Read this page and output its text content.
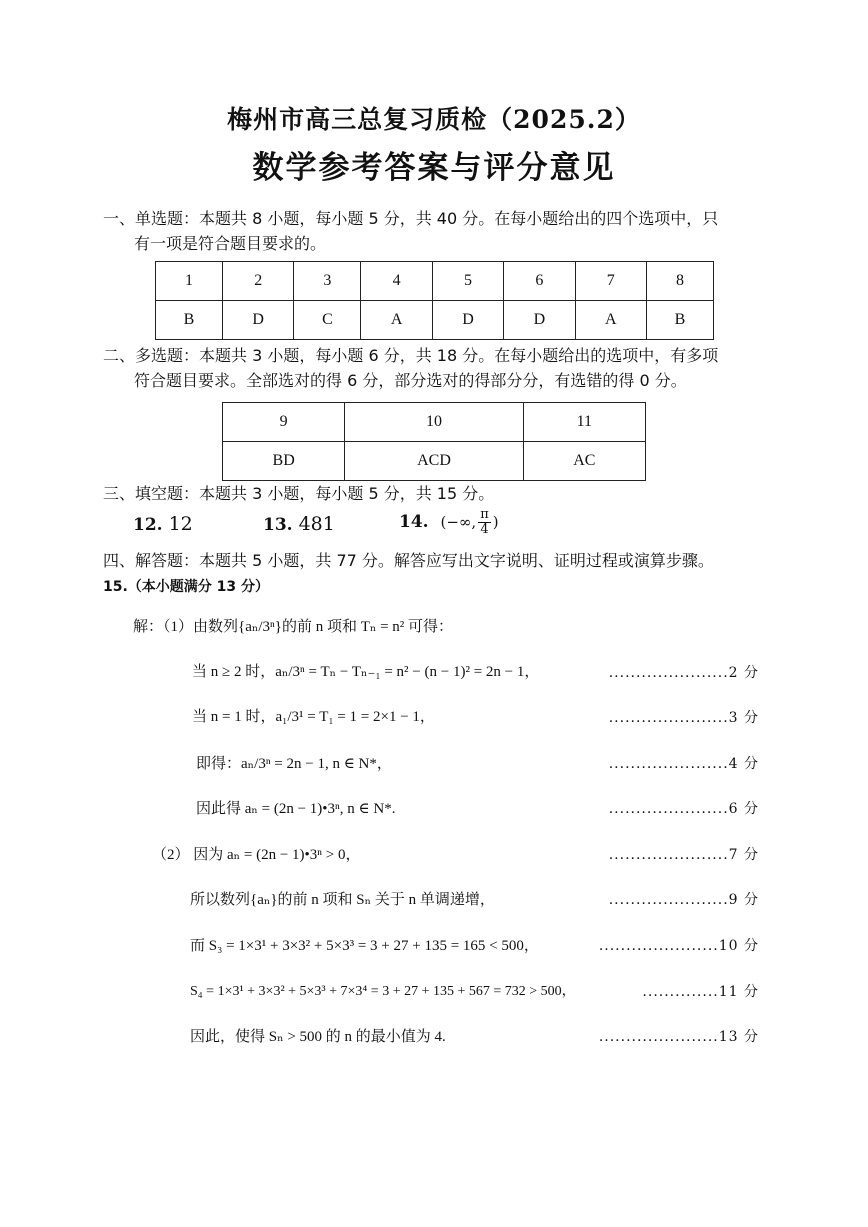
梅州市高三总复习质检（2025.2）
数学参考答案与评分意见
一、单选题：本题共 8 小题，每小题 5 分，共 40 分。在每小题给出的四个选项中，只
有一项是符合题目要求的。
1	2	3	4	5	6	7	8
B	D	C	A	D	D	A	B
二、多选题：本题共 3 小题，每小题 6 分，共 18 分。在每小题给出的选项中，有多项
符合题目要求。全部选对的得 6 分，部分选对的得部分分，有选错的得 0 分。
9	10	11
BD	ACD	AC
三、填空题：本题共 3 小题，每小题 5 分，共 15 分。
12. 12	13. 481	14. (−∞, $\frac{\pi}{4}$ )
四、解答题：本题共 5 小题，共 77 分。解答应写出文字说明、证明过程或演算步骤。
15.（本小题满分 13 分）
解：（1）由数列{aₙ/3ⁿ}的前 n 项和 Tₙ = n² 可得：
当 n ≥ 2 时，aₙ/3ⁿ = Tₙ − Tₙ₋₁ = n² − (n − 1)² = 2n − 1，	......................2 分
当 n = 1 时，a₁/3¹ = T₁ = 1 = 2×1 − 1，	......................3 分
即得：aₙ/3ⁿ = 2n − 1, n ∈ N*，	......................4 分
因此得 aₙ = (2n − 1)•3ⁿ, n ∈ N*.	......................6 分
（2） 因为 aₙ = (2n − 1)•3ⁿ > 0，	......................7 分
所以数列{aₙ}的前 n 项和 Sₙ 关于 n 单调递增，	......................9 分
而 S₃ = 1×3¹ + 3×3² + 5×3³ = 3 + 27 + 135 = 165 < 500，	......................10 分
S₄ = 1×3¹ + 3×3² + 5×3³ + 7×3⁴ = 3 + 27 + 135 + 567 = 732 > 500，	..............11 分
因此，使得 Sₙ > 500 的 n 的最小值为 4.	......................13 分
